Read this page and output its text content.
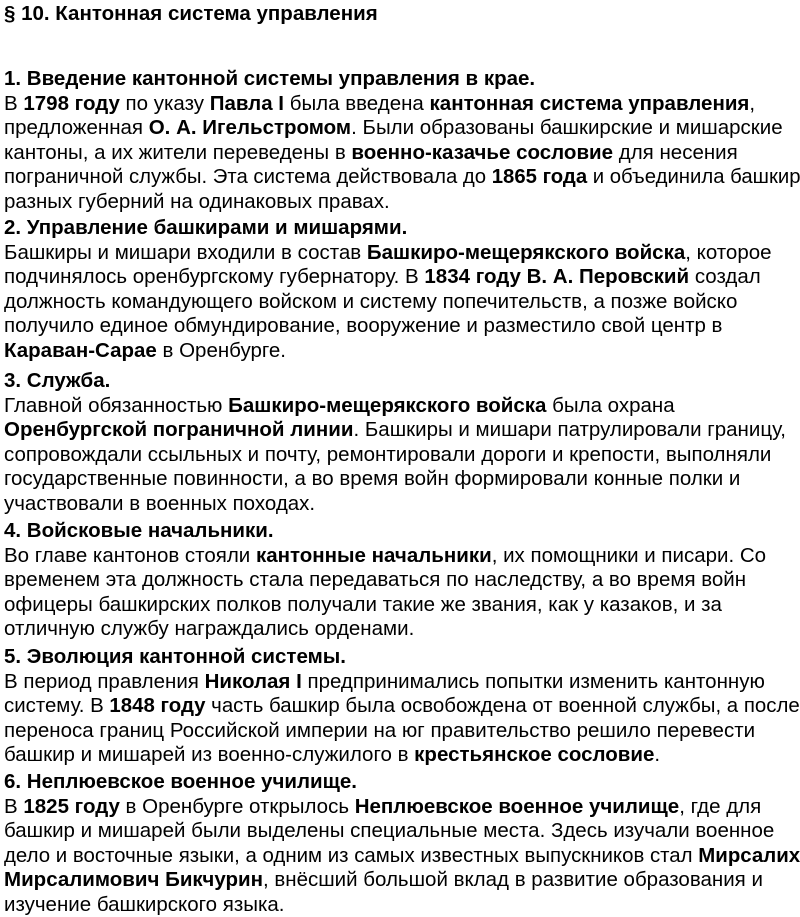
§ 10. Кантонная система управления
1. Введение кантонной системы управления в крае.
В 1798 году по указу Павла I была введена кантонная система управления,
предложенная О. А. Игельстромом. Были образованы башкирские и мишарские
кантоны, а их жители переведены в военно-казачье сословие для несения
пограничной службы. Эта система действовала до 1865 года и объединила башкир
разных губерний на одинаковых правах.
2. Управление башкирами и мишарями.
Башкиры и мишари входили в состав Башкиро-мещерякского войска, которое
подчинялось оренбургскому губернатору. В 1834 году В. А. Перовский создал
должность командующего войском и систему попечительств, а позже войско
получило единое обмундирование, вооружение и разместило свой центр в
Караван-Сарае в Оренбурге.
3. Служба.
Главной обязанностью Башкиро-мещерякского войска была охрана
Оренбургской пограничной линии. Башкиры и мишари патрулировали границу,
сопровождали ссыльных и почту, ремонтировали дороги и крепости, выполняли
государственные повинности, а во время войн формировали конные полки и
участвовали в военных походах.
4. Войсковые начальники.
Во главе кантонов стояли кантонные начальники, их помощники и писари. Со
временем эта должность стала передаваться по наследству, а во время войн
офицеры башкирских полков получали такие же звания, как у казаков, и за
отличную службу награждались орденами.
5. Эволюция кантонной системы.
В период правления Николая I предпринимались попытки изменить кантонную
систему. В 1848 году часть башкир была освобождена от военной службы, а после
переноса границ Российской империи на юг правительство решило перевести
башкир и мишарей из военно-служилого в крестьянское сословие.
6. Неплюевское военное училище.
В 1825 году в Оренбурге открылось Неплюевское военное училище, где для
башкир и мишарей были выделены специальные места. Здесь изучали военное
дело и восточные языки, а одним из самых известных выпускников стал Мирсалих
Мирсалимович Бикчурин, внёсший большой вклад в развитие образования и
изучение башкирского языка.
